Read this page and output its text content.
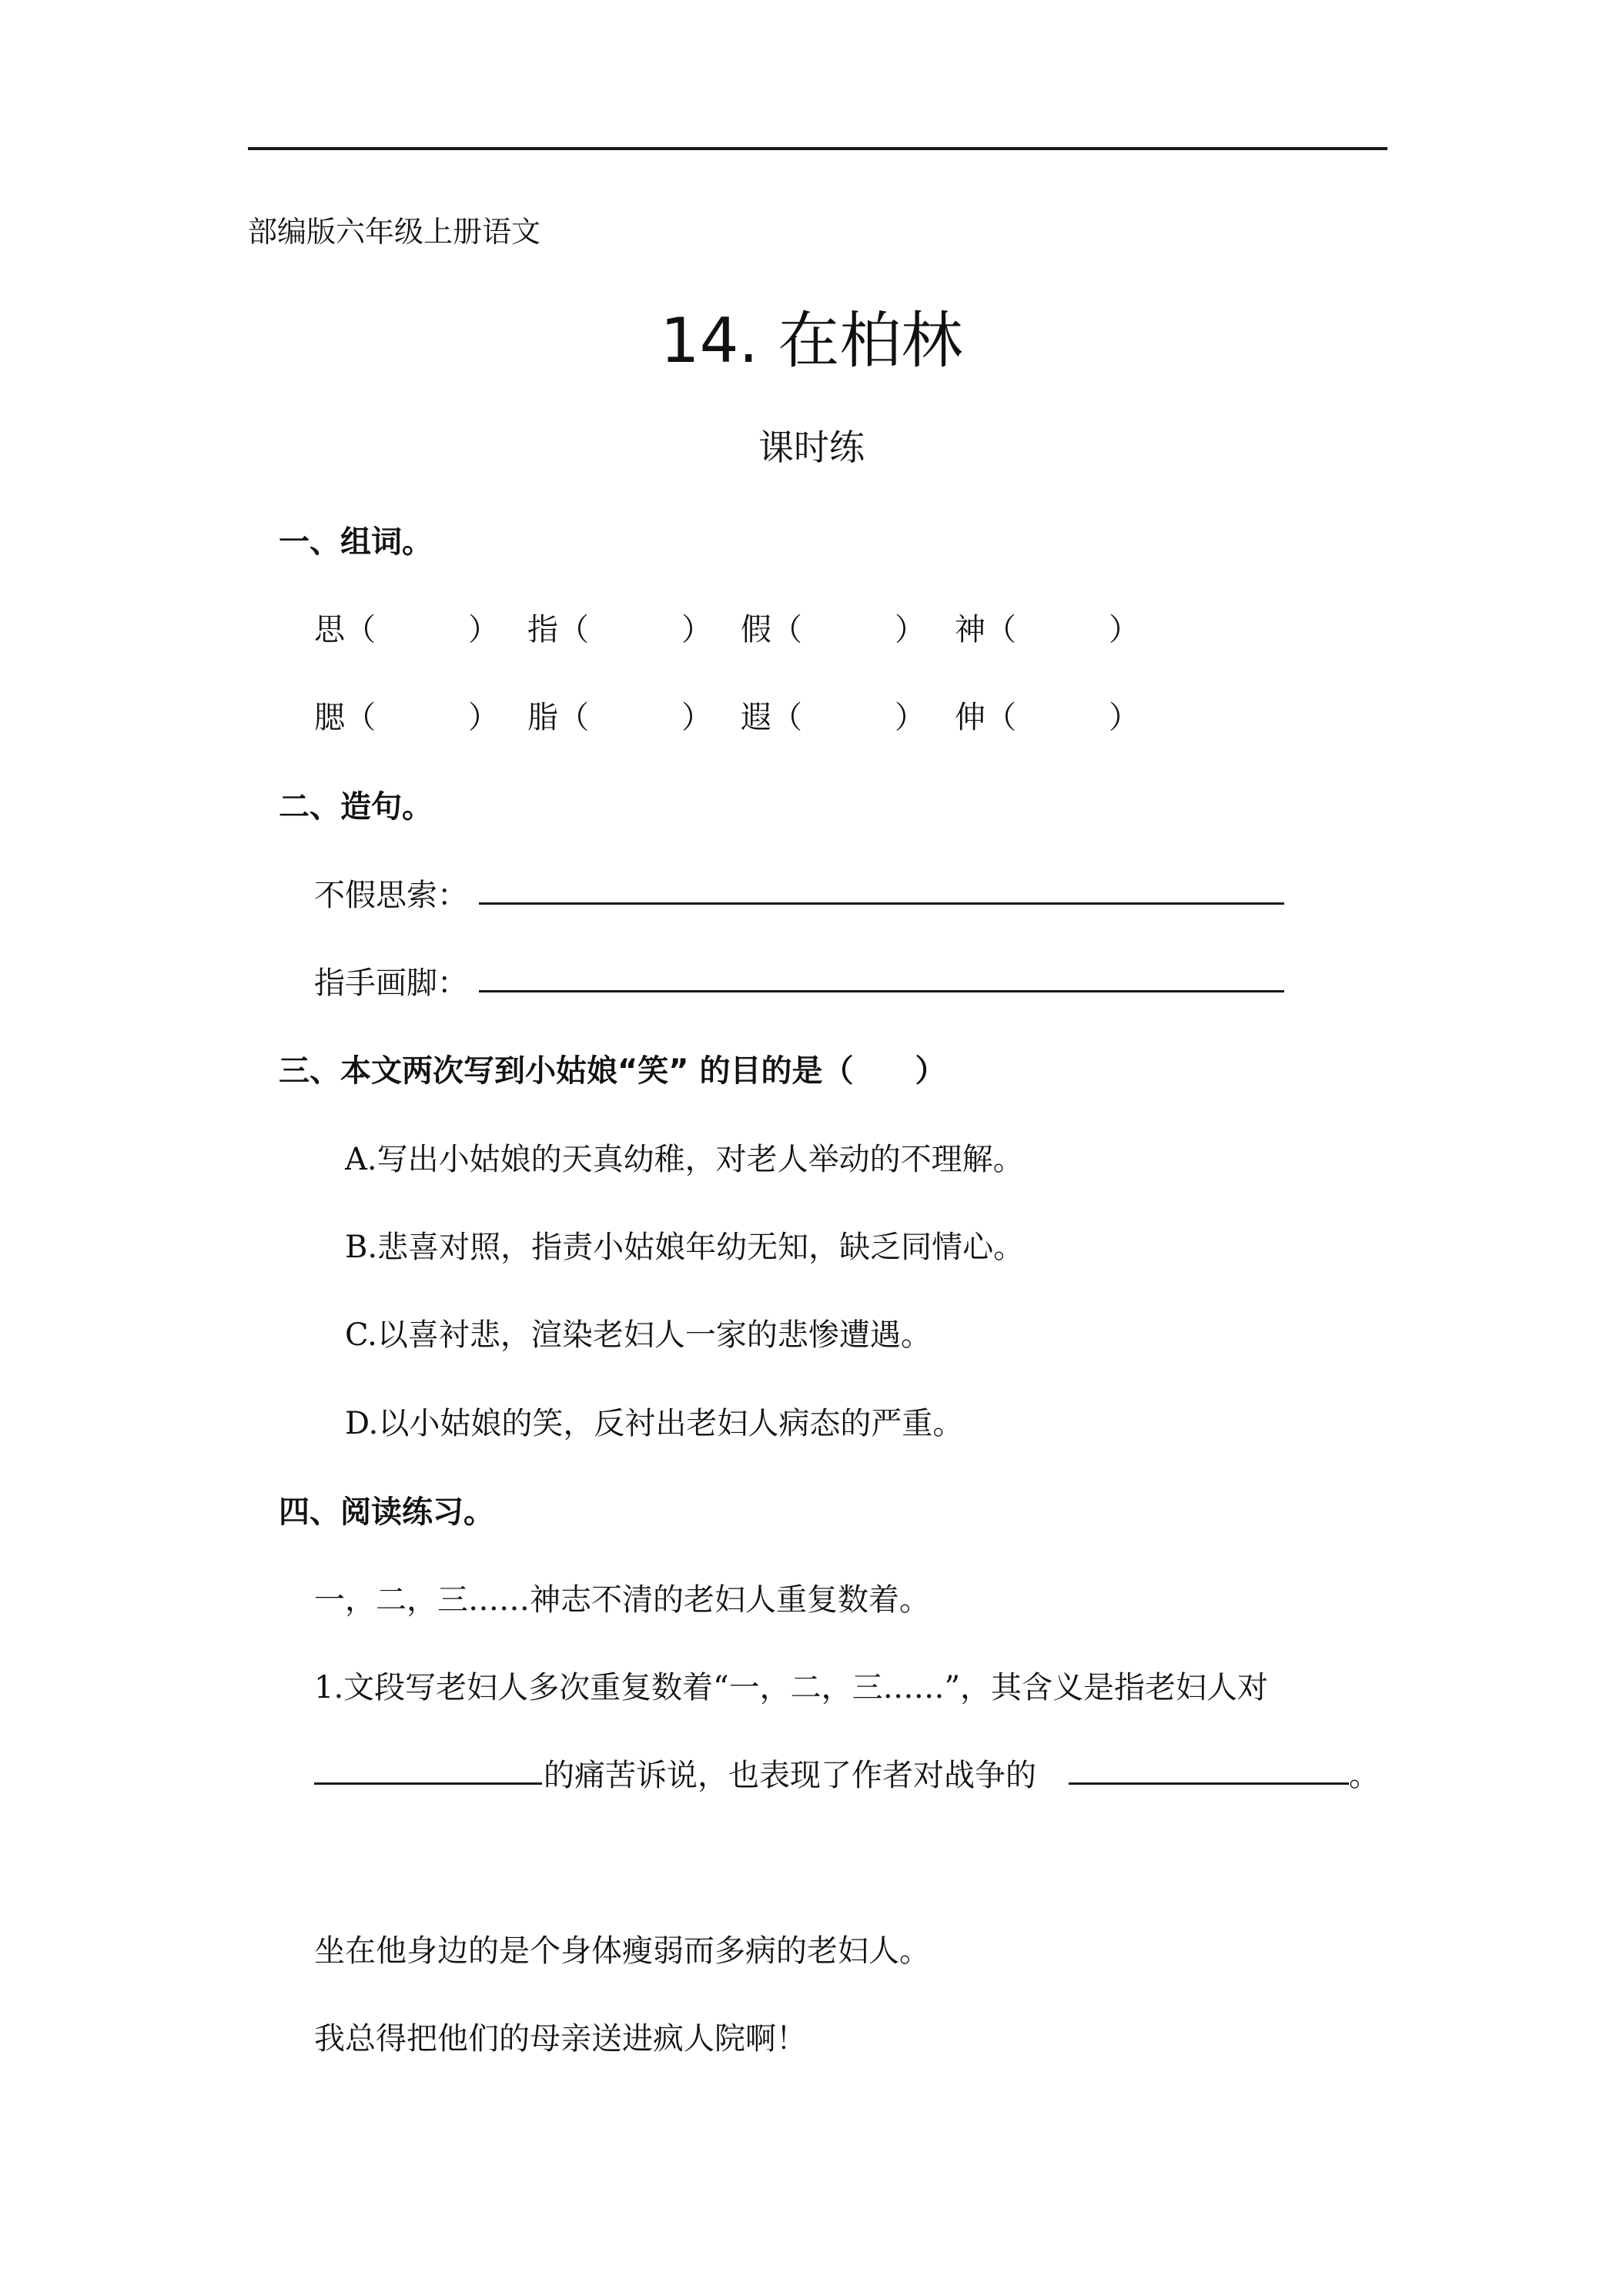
部编版六年级上册语文
14. 在柏林
课时练
一、组词。
思（　　　） 指（　　　） 假（　　　） 神（　　　）
腮（　　　） 脂（　　　） 遐（　　　） 伸（　　　）
二、造句。
不假思索：
指手画脚：
三、本文两次写到小姑娘“笑” 的目的是（　　）
A.写出小姑娘的天真幼稚，对老人举动的不理解。
B.悲喜对照，指责小姑娘年幼无知，缺乏同情心。
C.以喜衬悲，渲染老妇人一家的悲惨遭遇。
D.以小姑娘的笑，反衬出老妇人病态的严重。
四、阅读练习。
一，二，三……神志不清的老妇人重复数着。
1.文段写老妇人多次重复数着“一，二，三……”，其含义是指老妇人对
的痛苦诉说，也表现了作者对战争的	。
坐在他身边的是个身体瘦弱而多病的老妇人。
我总得把他们的母亲送进疯人院啊！
